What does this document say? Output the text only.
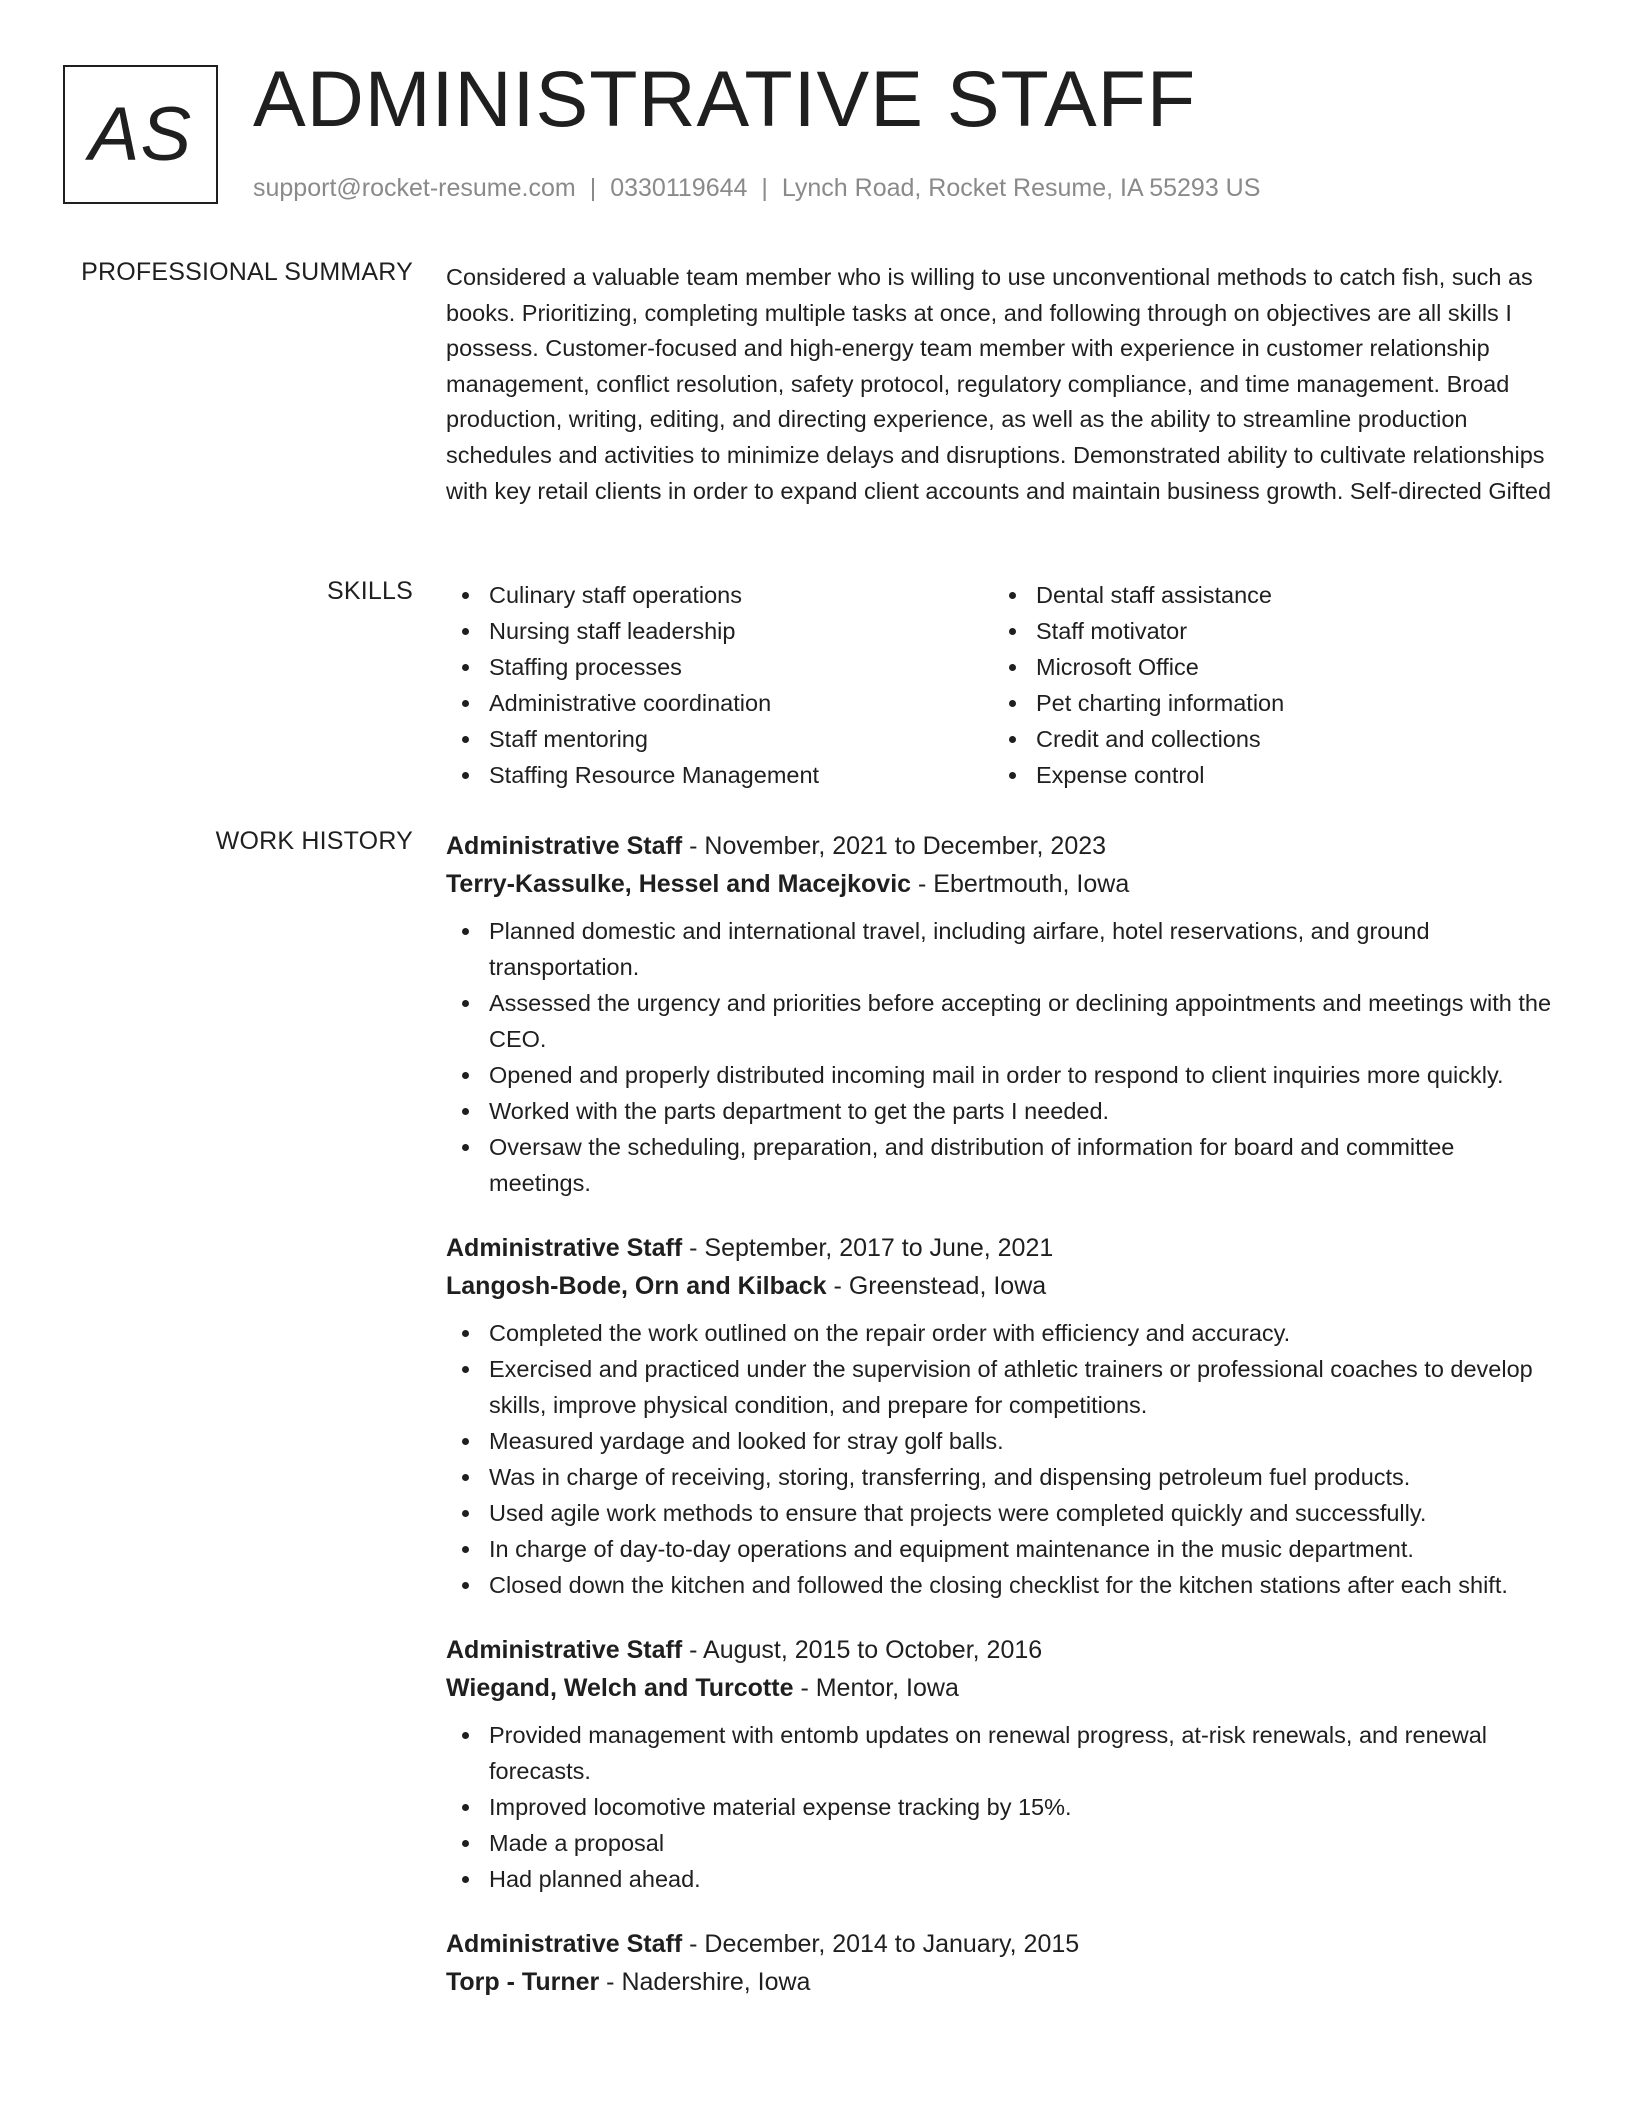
AS ADMINISTRATIVE STAFF
support@rocket-resume.com | 0330119644 | Lynch Road, Rocket Resume, IA 55293 US
PROFESSIONAL SUMMARY Considered a valuable team member who is willing to use unconventional methods to catch fish, such as books. Prioritizing, completing multiple tasks at once, and following through on objectives are all skills I possess. Customer-focused and high-energy team member with experience in customer relationship management, conflict resolution, safety protocol, regulatory compliance, and time management. Broad production, writing, editing, and directing experience, as well as the ability to streamline production schedules and activities to minimize delays and disruptions. Demonstrated ability to cultivate relationships with key retail clients in order to expand client accounts and maintain business growth. Self-directed Gifted
SKILLS	Culinary staff operations
Nursing staff leadership
Staffing processes
Administrative coordination
Staff mentoring
Staffing Resource Management
Dental staff assistance
Staff motivator
Microsoft Office
Pet charting information
Credit and collections
Expense control
WORK HISTORY Administrative Staff - November, 2021 to December, 2023
Terry-Kassulke, Hessel and Macejkovic - Ebertmouth, Iowa
Planned domestic and international travel, including airfare, hotel reservations, and ground transportation.
Assessed the urgency and priorities before accepting or declining appointments and meetings with the CEO.
Opened and properly distributed incoming mail in order to respond to client inquiries more quickly.
Worked with the parts department to get the parts I needed.
Oversaw the scheduling, preparation, and distribution of information for board and committee meetings.
Administrative Staff - September, 2017 to June, 2021
Langosh-Bode, Orn and Kilback - Greenstead, Iowa
Completed the work outlined on the repair order with efficiency and accuracy.
Exercised and practiced under the supervision of athletic trainers or professional coaches to develop skills, improve physical condition, and prepare for competitions.
Measured yardage and looked for stray golf balls.
Was in charge of receiving, storing, transferring, and dispensing petroleum fuel products.
Used agile work methods to ensure that projects were completed quickly and successfully.
In charge of day-to-day operations and equipment maintenance in the music department.
Closed down the kitchen and followed the closing checklist for the kitchen stations after each shift.
Administrative Staff - August, 2015 to October, 2016
Wiegand, Welch and Turcotte - Mentor, Iowa
Provided management with entomb updates on renewal progress, at-risk renewals, and renewal forecasts.
Improved locomotive material expense tracking by 15%.
Made a proposal
Had planned ahead.
Administrative Staff - December, 2014 to January, 2015
Torp - Turner - Nadershire, Iowa
